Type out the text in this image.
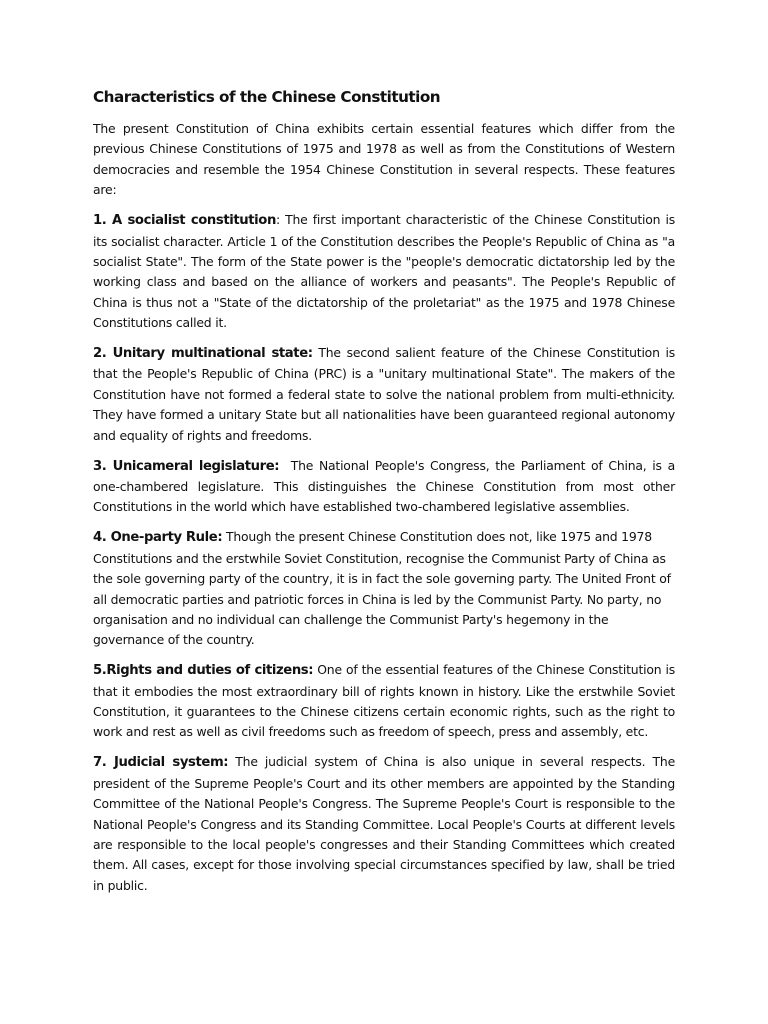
Characteristics of the Chinese Constitution

The present Constitution of China exhibits certain essential features which differ from the previous Chinese Constitutions of 1975 and 1978 as well as from the Constitutions of Western democracies and resemble the 1954 Chinese Constitution in several respects. These features are:

1. A socialist constitution: The first important characteristic of the Chinese Constitution is its socialist character. Article 1 of the Constitution describes the People's Republic of China as "a socialist State". The form of the State power is the "people's democratic dictatorship led by the working class and based on the alliance of workers and peasants". The People's Republic of China is thus not a "State of the dictatorship of the proletariat" as the 1975 and 1978 Chinese Constitutions called it.

2. Unitary multinational state: The second salient feature of the Chinese Constitution is that the People's Republic of China (PRC) is a "unitary multinational State". The makers of the Constitution have not formed a federal state to solve the national problem from multi-ethnicity. They have formed a unitary State but all nationalities have been guaranteed regional autonomy and equality of rights and freedoms.

3. Unicameral legislature:  The National People's Congress, the Parliament of China, is a one-chambered legislature. This distinguishes the Chinese Constitution from most other Constitutions in the world which have established two-chambered legislative assemblies.

4. One-party Rule: Though the present Chinese Constitution does not, like 1975 and 1978 Constitutions and the erstwhile Soviet Constitution, recognise the Communist Party of China as the sole governing party of the country, it is in fact the sole governing party. The United Front of all democratic parties and patriotic forces in China is led by the Communist Party. No party, no organisation and no individual can challenge the Communist Party's hegemony in the governance of the country.

5.Rights and duties of citizens: One of the essential features of the Chinese Constitution is that it embodies the most extraordinary bill of rights known in history. Like the erstwhile Soviet Constitution, it guarantees to the Chinese citizens certain economic rights, such as the right to work and rest as well as civil freedoms such as freedom of speech, press and assembly, etc.

7. Judicial system: The judicial system of China is also unique in several respects. The president of the Supreme People's Court and its other members are appointed by the Standing Committee of the National People's Congress. The Supreme People's Court is responsible to the National People's Congress and its Standing Committee. Local People's Courts at different levels are responsible to the local people's congresses and their Standing Committees which created them. All cases, except for those involving special circumstances specified by law, shall be tried in public.
